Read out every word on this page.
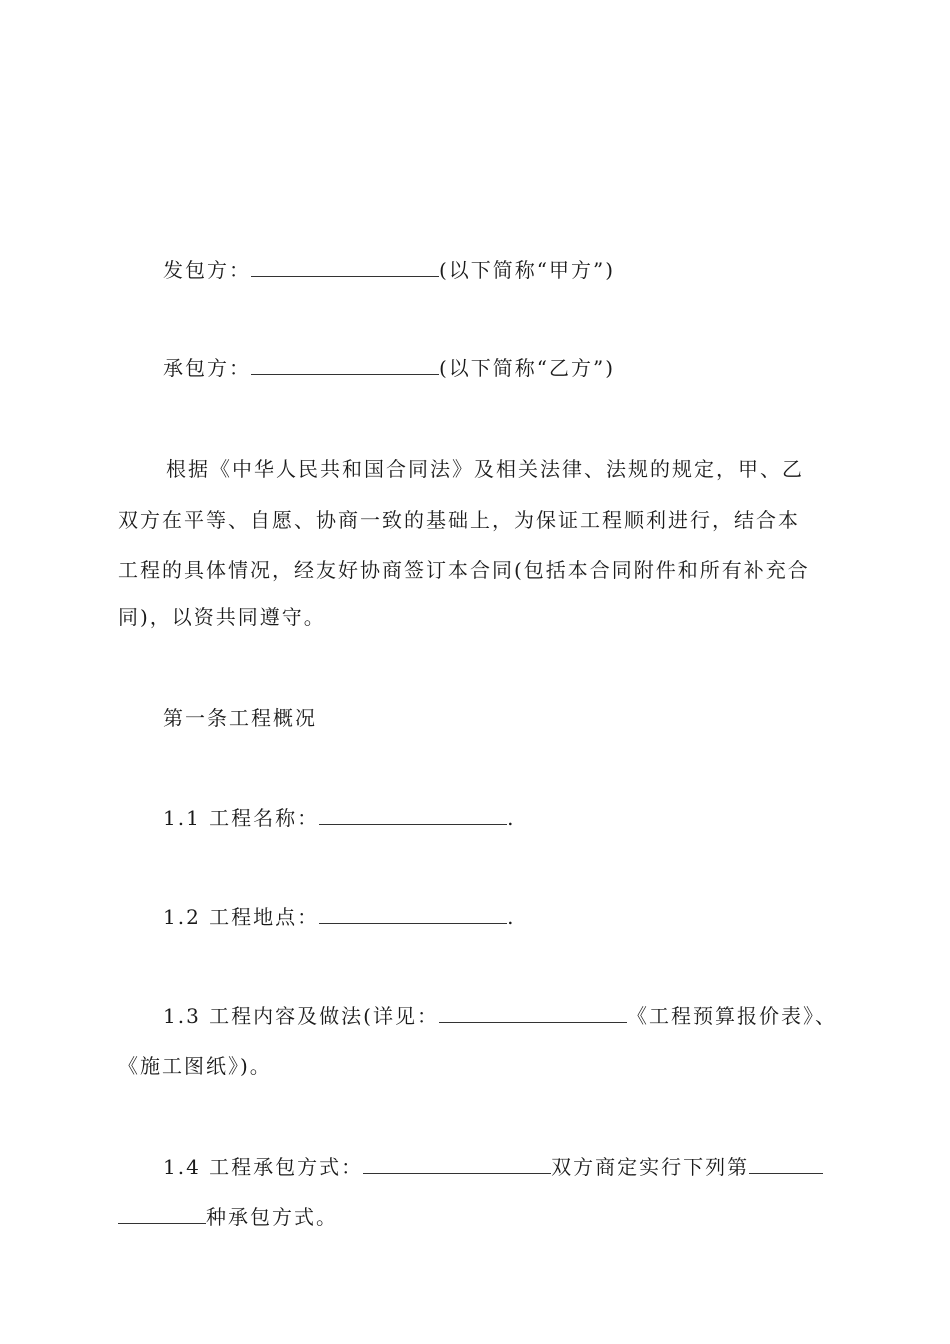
发包方：	(以下简称“甲方”)
承包方：	(以下简称“乙方”)
根据《中华人民共和国合同法》及相关法律、法规的规定，甲、乙
双方在平等、自愿、协商一致的基础上，为保证工程顺利进行，结合本
工程的具体情况，经友好协商签订本合同(包括本合同附件和所有补充合
同)，以资共同遵守。
第一条工程概况
1.1 工程名称：	.
1.2 工程地点：	.
1.3 工程内容及做法(详见：	《工程预算报价表》、
《施工图纸》)。
1.4 工程承包方式：	双方商定实行下列第
种承包方式。
